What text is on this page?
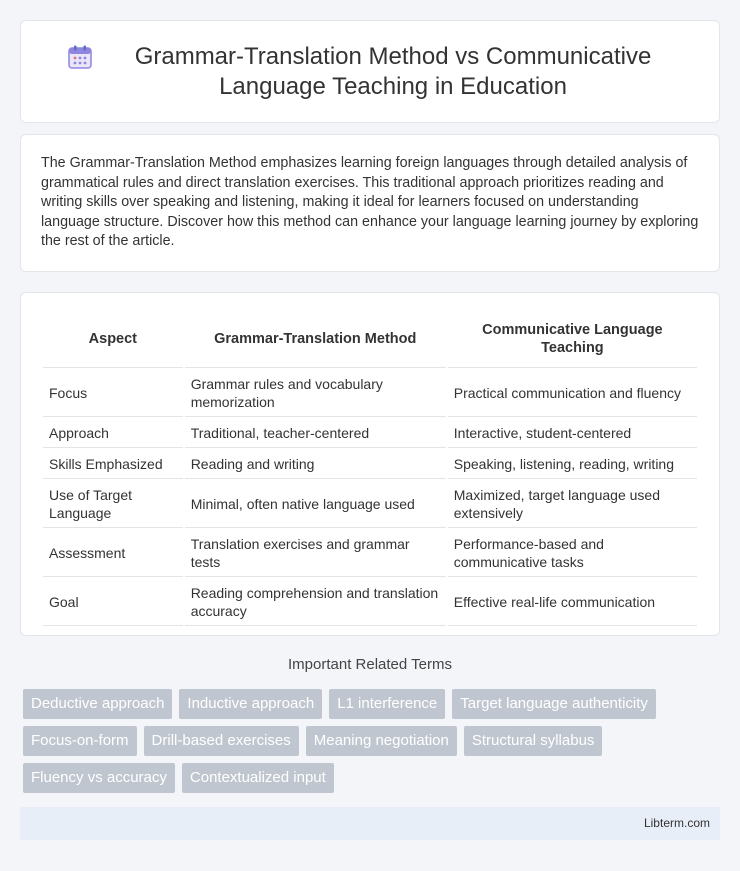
Grammar-Translation Method vs Communicative Language Teaching in Education

The Grammar-Translation Method emphasizes learning foreign languages through detailed analysis of grammatical rules and direct translation exercises. This traditional approach prioritizes reading and writing skills over speaking and listening, making it ideal for learners focused on understanding language structure. Discover how this method can enhance your language learning journey by exploring the rest of the article.

Aspect	Grammar-Translation Method	Communicative Language Teaching
Focus	Grammar rules and vocabulary memorization	Practical communication and fluency
Approach	Traditional, teacher-centered	Interactive, student-centered
Skills Emphasized	Reading and writing	Speaking, listening, reading, writing
Use of Target Language	Minimal, often native language used	Maximized, target language used extensively
Assessment	Translation exercises and grammar tests	Performance-based and communicative tasks
Goal	Reading comprehension and translation accuracy	Effective real-life communication
Important Related Terms
Deductive approach	Inductive approach	L1 interference	Target language authenticity
Focus-on-form	Drill-based exercises	Meaning negotiation	Structural syllabus
Fluency vs accuracy	Contextualized input
Libterm.com
